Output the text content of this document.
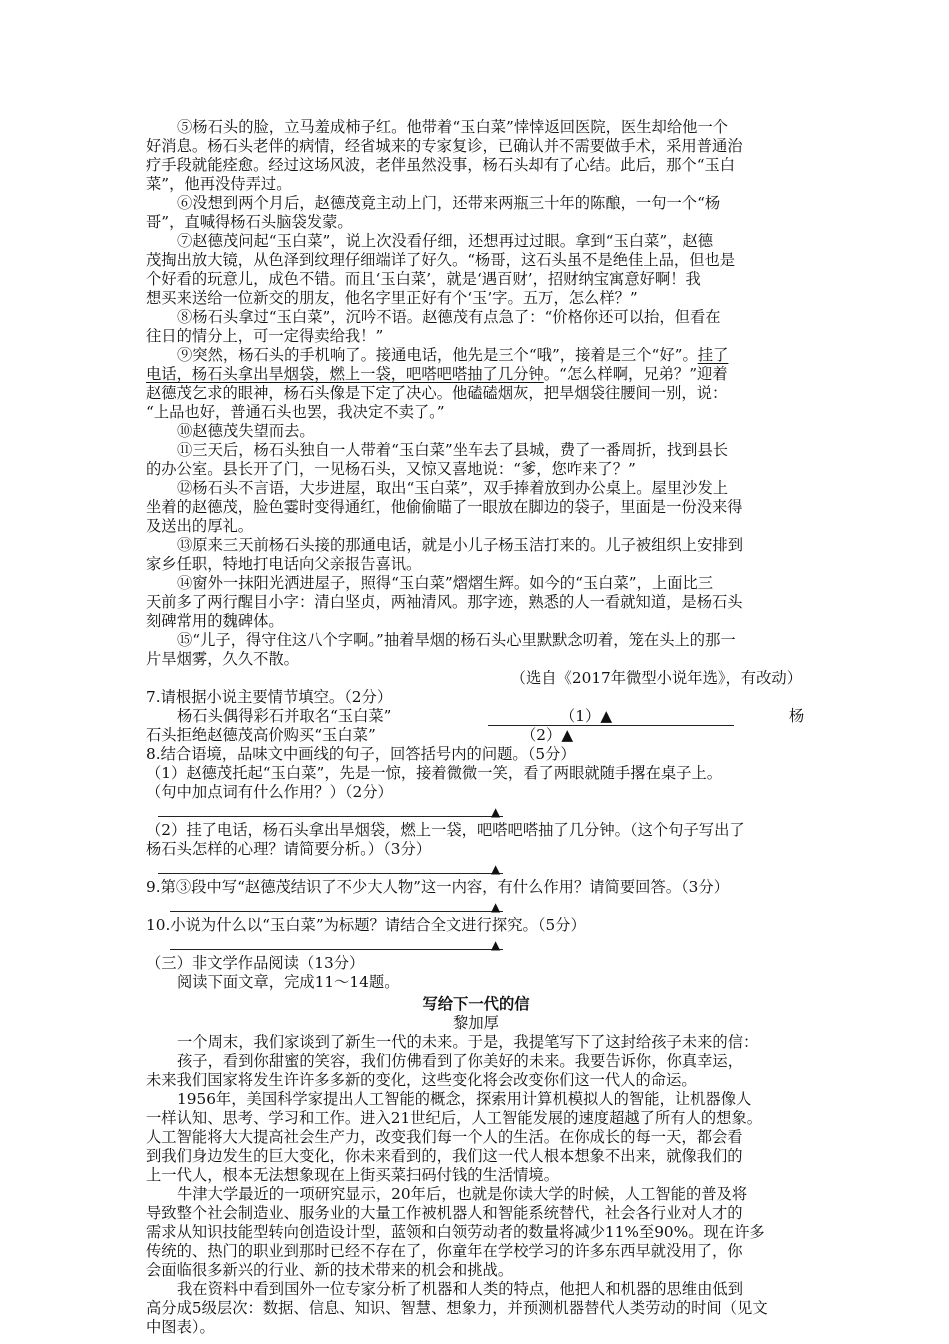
⑤杨石头的脸，立马羞成柿子红。他带着“玉白菜”悻悻返回医院，医生却给他一个
好消息。杨石头老伴的病情，经省城来的专家复诊，已确认并不需要做手术，采用普通治
疗手段就能痊愈。经过这场风波，老伴虽然没事，杨石头却有了心结。此后，那个“玉白
菜”，他再没侍弄过。
⑥没想到两个月后，赵德茂竟主动上门，还带来两瓶三十年的陈酿，一句一个“杨
哥”，直喊得杨石头脑袋发蒙。
⑦赵德茂问起“玉白菜”，说上次没看仔细，还想再过过眼。拿到“玉白菜”，赵德
茂掏出放大镜，从色泽到纹理仔细端详了好久。“杨哥，这石头虽不是绝佳上品，但也是
个好看的玩意儿，成色不错。而且‘玉白菜’，就是‘遇百财’，招财纳宝寓意好啊！我
想买来送给一位新交的朋友，他名字里正好有个‘玉’字。五万，怎么样？”
⑧杨石头拿过“玉白菜”，沉吟不语。赵德茂有点急了：“价格你还可以抬，但看在
往日的情分上，可一定得卖给我！”
⑨突然，杨石头的手机响了。接通电话，他先是三个“哦”，接着是三个“好”。挂了
电话，杨石头拿出旱烟袋，燃上一袋，吧嗒吧嗒抽了几分钟。“怎么样啊，兄弟？”迎着
赵德茂乞求的眼神，杨石头像是下定了决心。他磕磕烟灰，把旱烟袋往腰间一别，说：
“上品也好，普通石头也罢，我决定不卖了。”
⑩赵德茂失望而去。
⑪三天后，杨石头独自一人带着“玉白菜”坐车去了县城，费了一番周折，找到县长
的办公室。县长开了门，一见杨石头，又惊又喜地说：“爹，您咋来了？”
⑫杨石头不言语，大步进屋，取出“玉白菜”，双手捧着放到办公桌上。屋里沙发上
坐着的赵德茂，脸色霎时变得通红，他偷偷瞄了一眼放在脚边的袋子，里面是一份没来得
及送出的厚礼。
⑬原来三天前杨石头接的那通电话，就是小儿子杨玉洁打来的。儿子被组织上安排到
家乡任职，特地打电话向父亲报告喜讯。
⑭窗外一抹阳光洒进屋子，照得“玉白菜”熠熠生辉。如今的“玉白菜”，上面比三
天前多了两行醒目小字：清白坚贞，两袖清风。那字迹，熟悉的人一看就知道，是杨石头
刻碑常用的魏碑体。
⑮“儿子，得守住这八个字啊。”抽着旱烟的杨石头心里默默念叨着，笼在头上的那一
片旱烟雾，久久不散。
（选自《2017年微型小说年选》，有改动）
7.请根据小说主要情节填空。（2分）
杨石头偶得彩石并取名“玉白菜”	（1）▲	杨
石头拒绝赵德茂高价购买“玉白菜”	（2）▲
8.结合语境，品味文中画线的句子，回答括号内的问题。（5分）
（1）赵德茂托起“玉白菜”，先是一惊，接着微微一笑，看了两眼就随手撂在桌子上。
（句中加点词有什么作用？）（2分）
▲
（2）挂了电话，杨石头拿出旱烟袋，燃上一袋，吧嗒吧嗒抽了几分钟。（这个句子写出了
杨石头怎样的心理？请简要分析。）（3分）
▲
9.第③段中写“赵德茂结识了不少大人物”这一内容，有什么作用？请简要回答。（3分）
▲
10.小说为什么以“玉白菜”为标题？请结合全文进行探究。（5分）
▲
（三）非文学作品阅读（13分）
阅读下面文章，完成11～14题。
写给下一代的信
黎加厚
一个周末，我们家谈到了新生一代的未来。于是，我提笔写下了这封给孩子未来的信：
孩子，看到你甜蜜的笑容，我们仿佛看到了你美好的未来。我要告诉你，你真幸运，
未来我们国家将发生许许多多新的变化，这些变化将会改变你们这一代人的命运。
1956年，美国科学家提出人工智能的概念，探索用计算机模拟人的智能，让机器像人
一样认知、思考、学习和工作。进入21世纪后，人工智能发展的速度超越了所有人的想象。
人工智能将大大提高社会生产力，改变我们每一个人的生活。在你成长的每一天，都会看
到我们身边发生的巨大变化，你未来看到的，我们这一代人根本想象不出来，就像我们的
上一代人，根本无法想象现在上街买菜扫码付钱的生活情境。
牛津大学最近的一项研究显示，20年后，也就是你读大学的时候，人工智能的普及将
导致整个社会制造业、服务业的大量工作被机器人和智能系统替代，社会各行业对人才的
需求从知识技能型转向创造设计型，蓝领和白领劳动者的数量将减少11%至90%。现在许多
传统的、热门的职业到那时已经不存在了，你童年在学校学习的许多东西早就没用了，你
会面临很多新兴的行业、新的技术带来的机会和挑战。
我在资料中看到国外一位专家分析了机器和人类的特点，他把人和机器的思维由低到
高分成5级层次：数据、信息、知识、智慧、想象力，并预测机器替代人类劳动的时间（见文
中图表）。
